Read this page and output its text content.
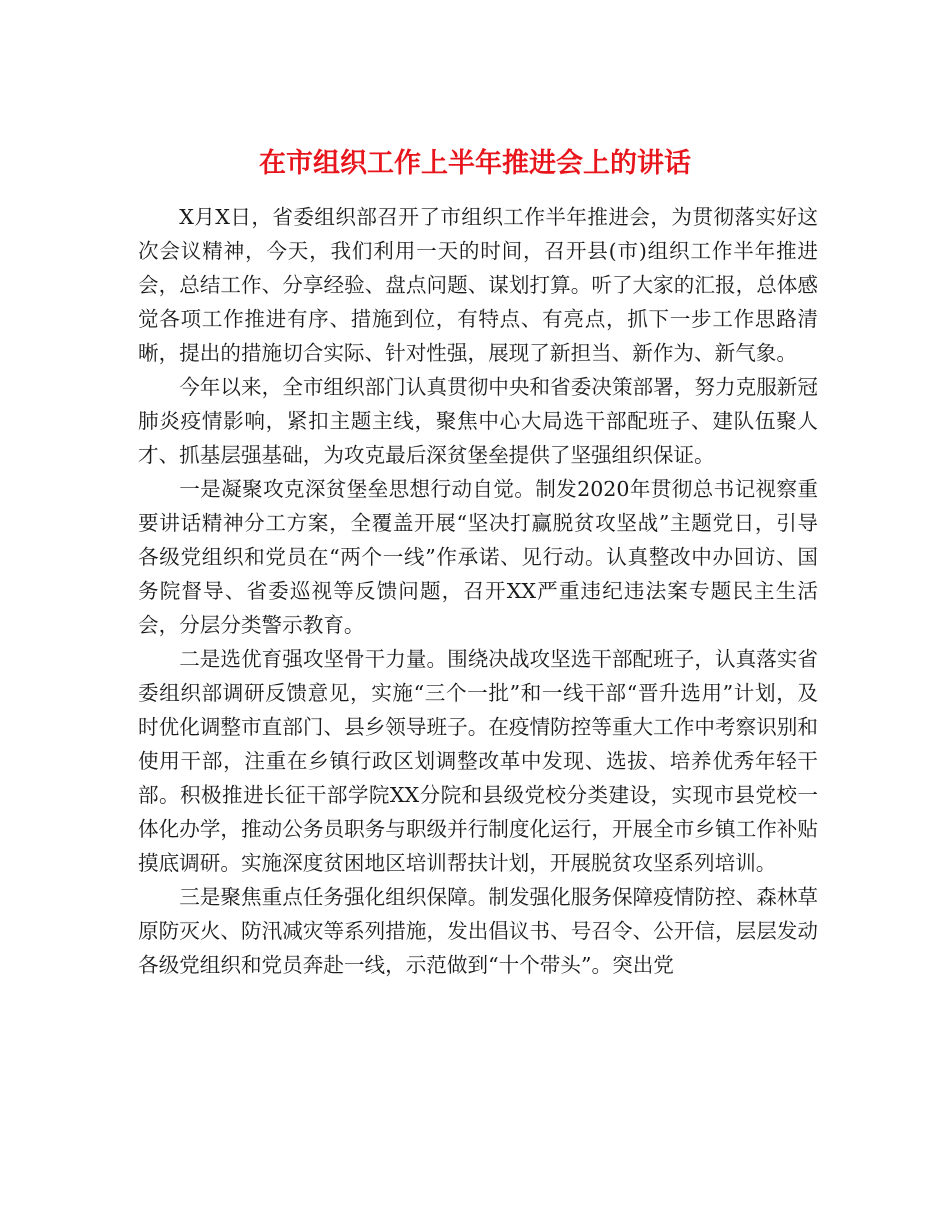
在市组织工作上半年推进会上的讲话

X月X日，省委组织部召开了市组织工作半年推进会，为贯彻落实好这次会议精神，今天，我们利用一天的时间，召开县(市)组织工作半年推进会，总结工作、分享经验、盘点问题、谋划打算。听了大家的汇报，总体感觉各项工作推进有序、措施到位，有特点、有亮点，抓下一步工作思路清晰，提出的措施切合实际、针对性强，展现了新担当、新作为、新气象。

今年以来，全市组织部门认真贯彻中央和省委决策部署，努力克服新冠肺炎疫情影响，紧扣主题主线，聚焦中心大局选干部配班子、建队伍聚人才、抓基层强基础，为攻克最后深贫堡垒提供了坚强组织保证。

一是凝聚攻克深贫堡垒思想行动自觉。制发2020年贯彻总书记视察重要讲话精神分工方案，全覆盖开展“坚决打赢脱贫攻坚战”主题党日，引导各级党组织和党员在“两个一线”作承诺、见行动。认真整改中办回访、国务院督导、省委巡视等反馈问题，召开XX严重违纪违法案专题民主生活会，分层分类警示教育。

二是选优育强攻坚骨干力量。围绕决战攻坚选干部配班子，认真落实省委组织部调研反馈意见，实施“三个一批”和一线干部“晋升选用”计划，及时优化调整市直部门、县乡领导班子。在疫情防控等重大工作中考察识别和使用干部，注重在乡镇行政区划调整改革中发现、选拔、培养优秀年轻干部。积极推进长征干部学院XX分院和县级党校分类建设，实现市县党校一体化办学，推动公务员职务与职级并行制度化运行，开展全市乡镇工作补贴摸底调研。实施深度贫困地区培训帮扶计划，开展脱贫攻坚系列培训。

三是聚焦重点任务强化组织保障。制发强化服务保障疫情防控、森林草原防灭火、防汛减灾等系列措施，发出倡议书、号召令、公开信，层层发动各级党组织和党员奔赴一线，示范做到“十个带头”。突出党
